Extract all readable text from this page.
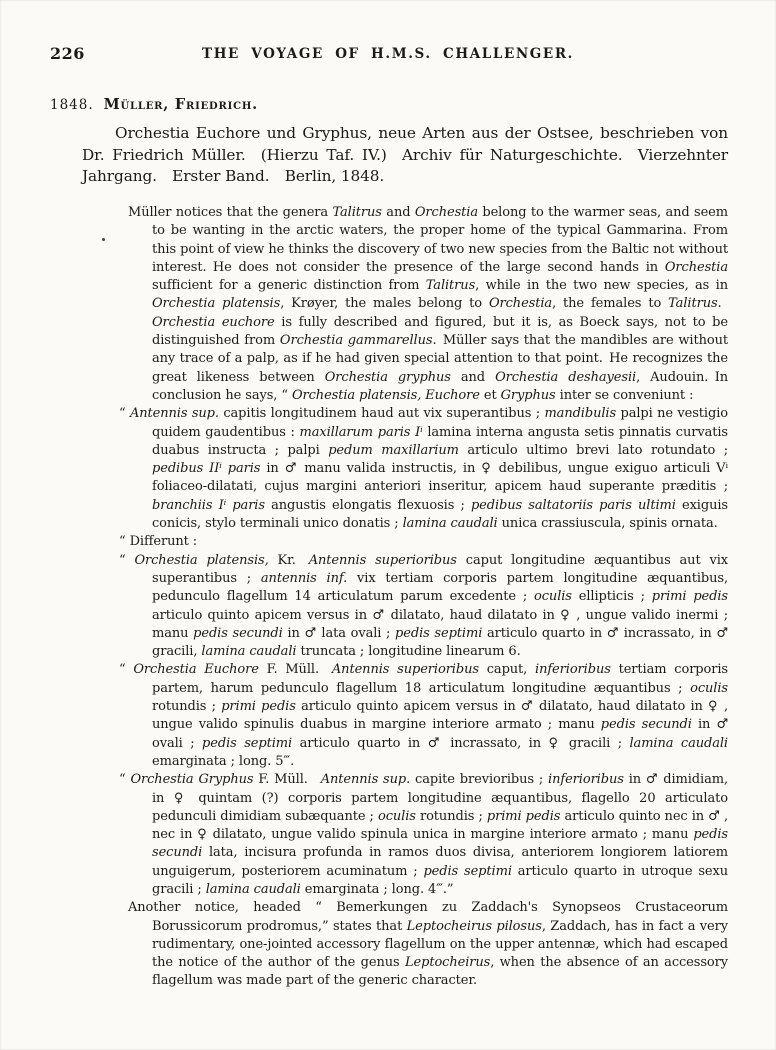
226	THE VOYAGE OF H.M.S. CHALLENGER.
1848. Müller, Friedrich.
Orchestia Euchore und Gryphus, neue Arten aus der Ostsee, beschrieben von Dr. Friedrich Müller. (Hierzu Taf. IV.) Archiv für Naturgeschichte. Vierzehnter Jahrgang. Erster Band. Berlin, 1848.

Müller notices that the genera Talitrus and Orchestia belong to the warmer seas, and seem to be wanting in the arctic waters, the proper home of the typical Gammarina. From this point of view he thinks the discovery of two new species from the Baltic not without interest. He does not consider the presence of the large second hands in Orchestia sufficient for a generic distinction from Talitrus, while in the two new species, as in Orchestia platensis, Krøyer, the males belong to Orchestia, the females to Talitrus. Orchestia euchore is fully described and figured, but it is, as Boeck says, not to be distinguished from Orchestia gammarellus. Müller says that the mandibles are without any trace of a palp, as if he had given special attention to that point. He recognizes the great likeness between Orchestia gryphus and Orchestia deshayesii, Audouin. In conclusion he says, “ Orchestia platensis, Euchore et Gryphus inter se conveniunt :

“ Antennis sup. capitis longitudinem haud aut vix superantibus ; mandibulis palpi ne vestigio quidem gaudentibus : maxillarum paris Iⁱ lamina interna angusta setis pinnatis curvatis duabus instructa ; palpi pedum maxillarium articulo ultimo brevi lato rotundato ; pedibus IIⁱ paris in ♂ manu valida instructis, in ♀ debilibus, ungue exiguo articuli Vⁱ foliaceo-dilatati, cujus margini anteriori inseritur, apicem haud superante præditis ; branchiis Iⁱ paris angustis elongatis flexuosis ; pedibus saltatoriis paris ultimi exiguis conicis, stylo terminali unico donatis ; lamina caudali unica crassiuscula, spinis ornata.

“ Differunt :

“ Orchestia platensis, Kr. Antennis superioribus caput longitudine æquantibus aut vix superantibus ; antennis inf. vix tertiam corporis partem longitudine æquantibus, pedunculo flagellum 14 articulatum parum excedente ; oculis ellipticis ; primi pedis articulo quinto apicem versus in ♂ dilatato, haud dilatato in ♀ , ungue valido inermi ; manu pedis secundi in ♂ lata ovali ; pedis septimi articulo quarto in ♂ incrassato, in ♂ gracili, lamina caudali truncata ; longitudine linearum 6.

“ Orchestia Euchore F. Müll. Antennis superioribus caput, inferioribus tertiam corporis partem, harum pedunculo flagellum 18 articulatum longitudine æquantibus ; oculis rotundis ; primi pedis articulo quinto apicem versus in ♂ dilatato, haud dilatato in ♀ , ungue valido spinulis duabus in margine interiore armato ; manu pedis secundi in ♂ ovali ; pedis septimi articulo quarto in ♂ incrassato, in ♀ gracili ; lamina caudali emarginata ; long. 5‴.

“ Orchestia Gryphus F. Müll. Antennis sup. capite brevioribus ; inferioribus in ♂ dimidiam, in ♀ quintam (?) corporis partem longitudine æquantibus, flagello 20 articulato pedunculi dimidiam subæquante ; oculis rotundis ; primi pedis articulo quinto nec in ♂ , nec in ♀ dilatato, ungue valido spinula unica in margine interiore armato ; manu pedis secundi lata, incisura profunda in ramos duos divisa, anteriorem longiorem latiorem unguigerum, posteriorem acuminatum ; pedis septimi articulo quarto in utroque sexu gracili ; lamina caudali emarginata ; long. 4‴.”

Another notice, headed “ Bemerkungen zu Zaddach's Synopseos Crustaceorum Borussicorum prodromus,” states that Leptocheirus pilosus, Zaddach, has in fact a very rudimentary, one-jointed accessory flagellum on the upper antennæ, which had escaped the notice of the author of the genus Leptocheirus, when the absence of an accessory flagellum was made part of the generic character.
